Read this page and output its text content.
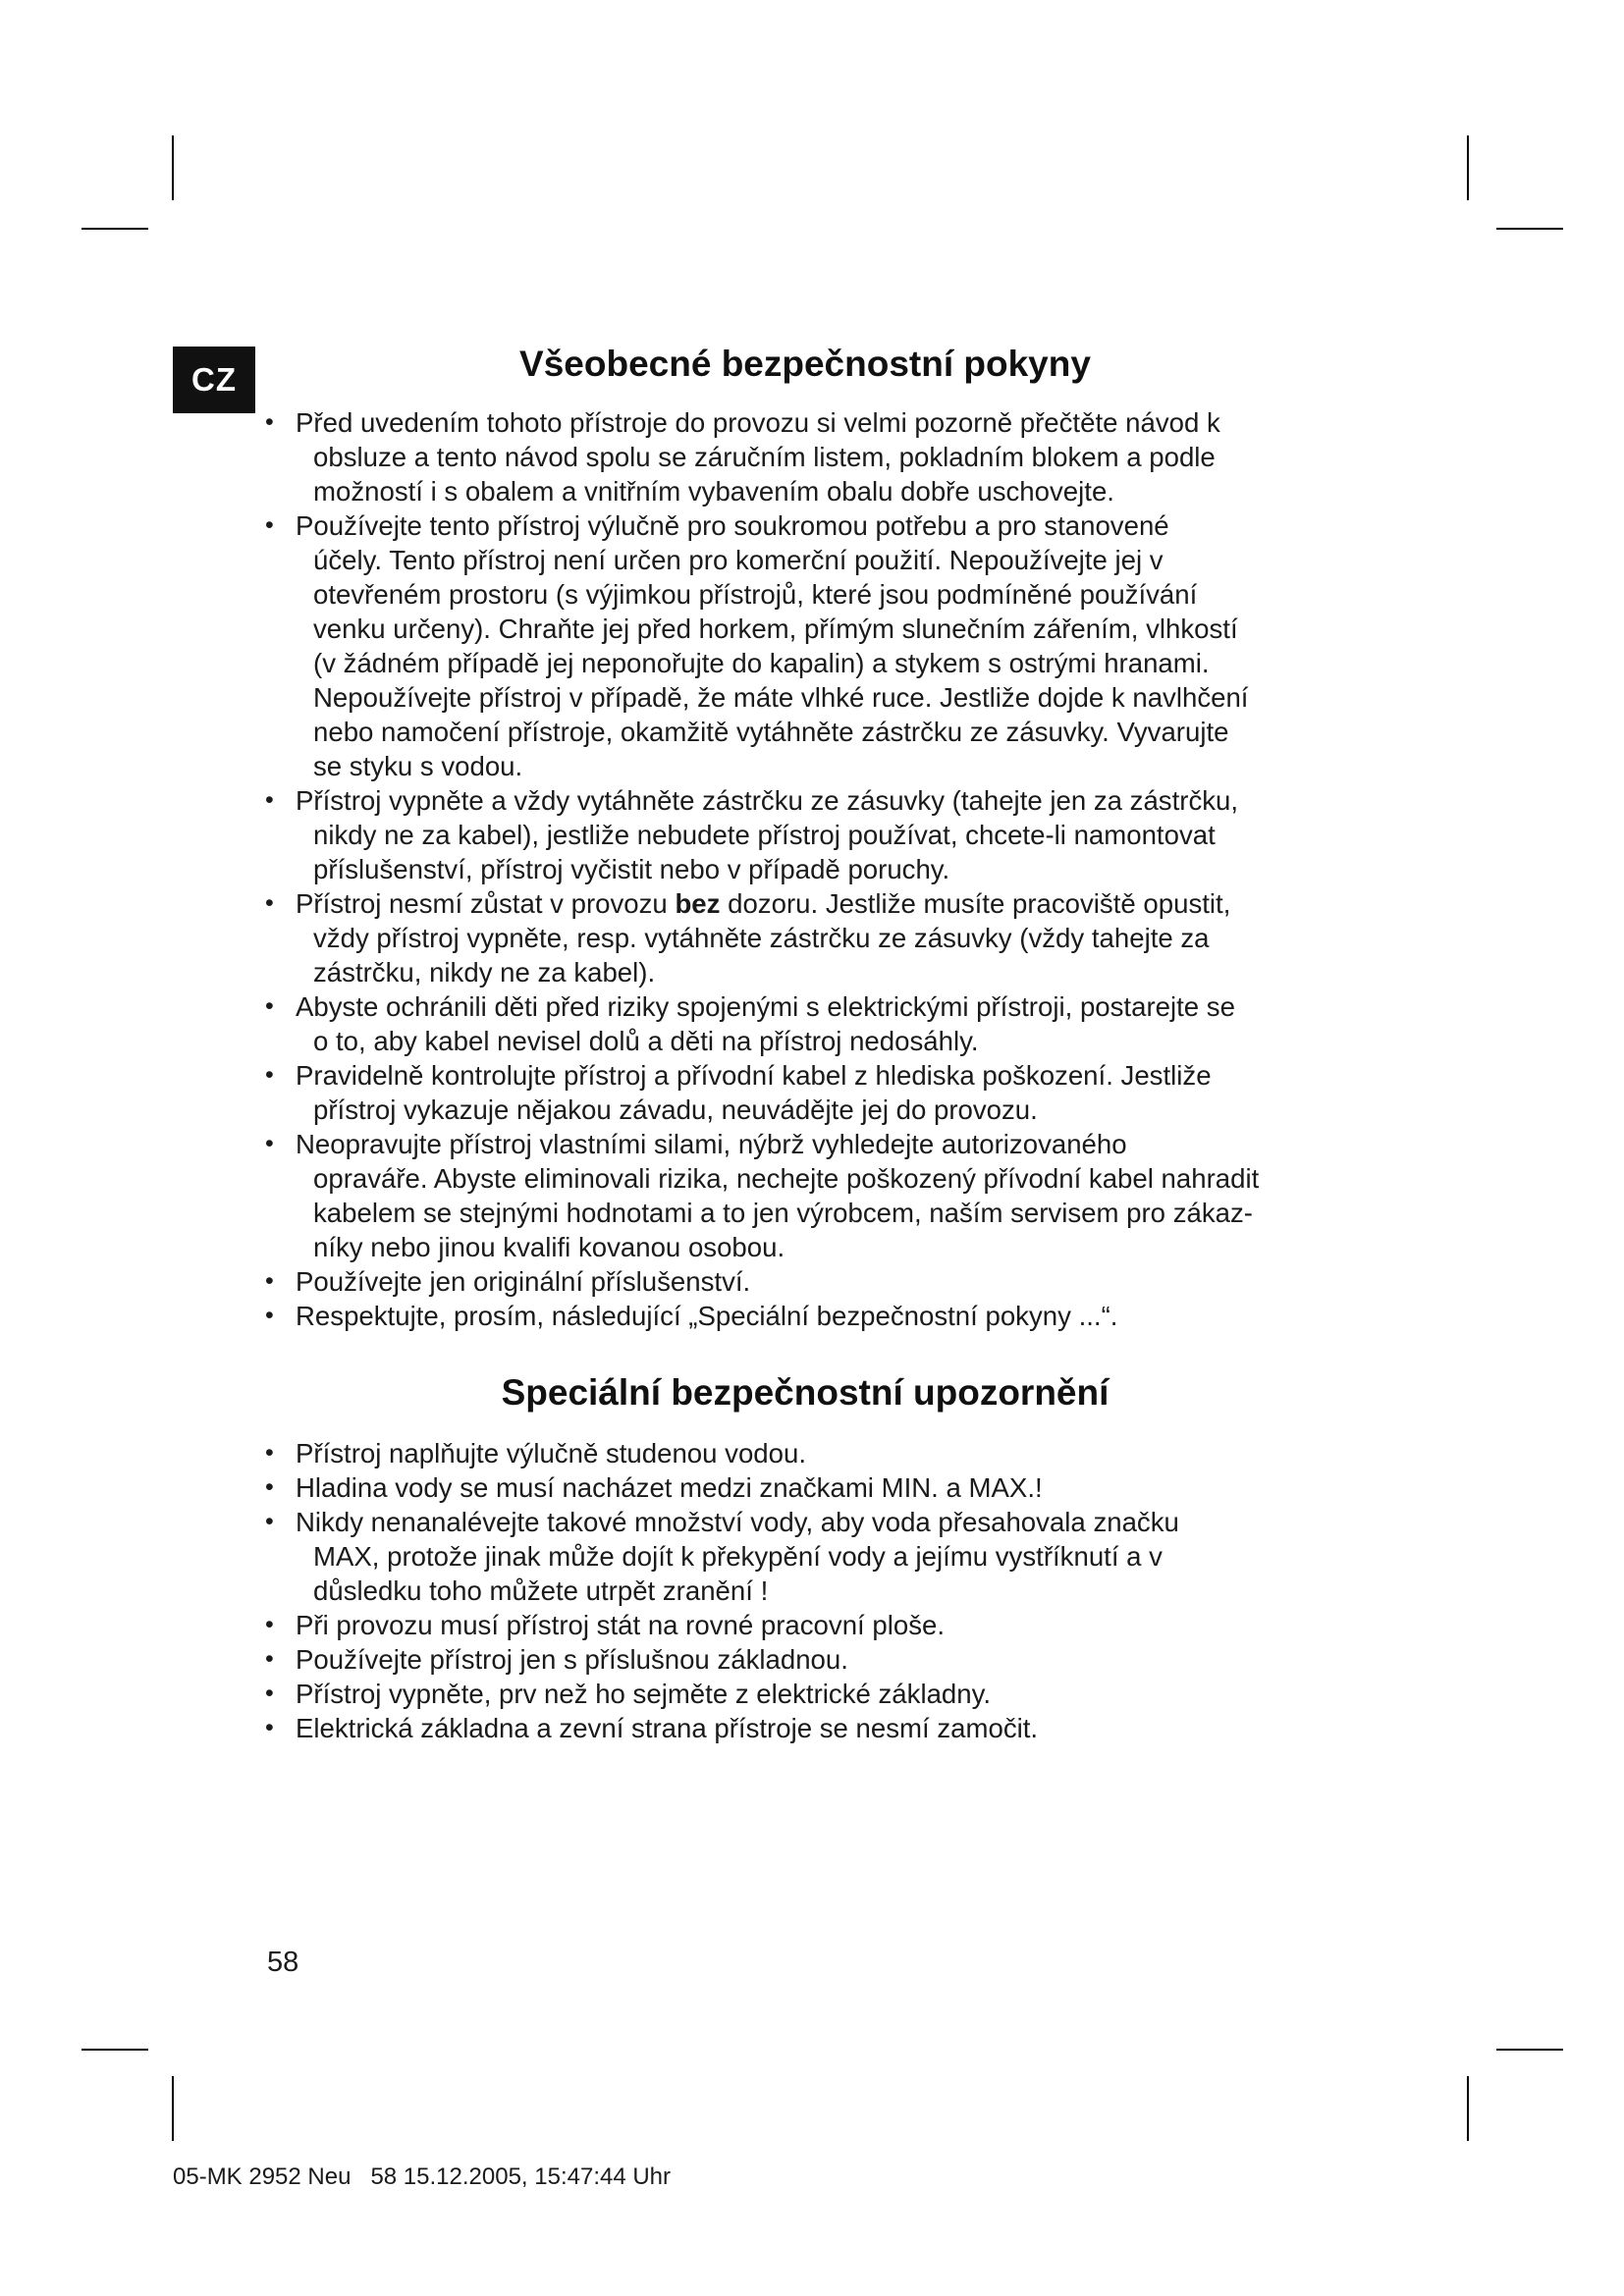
CZ	Všeobecné bezpečnostní pokyny
• Před uvedením tohoto přístroje do provozu si velmi pozorně přečtěte návod k
obsluze a tento návod spolu se záručním listem, pokladním blokem a podle
možností i s obalem a vnitřním vybavením obalu dobře uschovejte.
• Používejte tento přístroj výlučně pro soukromou potřebu a pro stanovené
účely. Tento přístroj není určen pro komerční použití. Nepoužívejte jej v
otevřeném prostoru (s výjimkou přístrojů, které jsou podmíněné používání
venku určeny). Chraňte jej před horkem, přímým slunečním zářením, vlhkostí
(v žádném případě jej neponořujte do kapalin) a stykem s ostrými hranami.
Nepoužívejte přístroj v případě, že máte vlhké ruce. Jestliže dojde k navlhčení
nebo namočení přístroje, okamžitě vytáhněte zástrčku ze zásuvky. Vyvarujte
se styku s vodou.
• Přístroj vypněte a vždy vytáhněte zástrčku ze zásuvky (tahejte jen za zástrčku,
nikdy ne za kabel), jestliže nebudete přístroj používat, chcete-li namontovat
příslušenství, přístroj vyčistit nebo v případě poruchy.
• Přístroj nesmí zůstat v provozu bez dozoru. Jestliže musíte pracoviště opustit,
vždy přístroj vypněte, resp. vytáhněte zástrčku ze zásuvky (vždy tahejte za
zástrčku, nikdy ne za kabel).
• Abyste ochránili děti před riziky spojenými s elektrickými přístroji, postarejte se
o to, aby kabel nevisel dolů a děti na přístroj nedosáhly.
• Pravidelně kontrolujte přístroj a přívodní kabel z hlediska poškození. Jestliže
přístroj vykazuje nějakou závadu, neuvádějte jej do provozu.
• Neopravujte přístroj vlastními silami, nýbrž vyhledejte autorizovaného
opraváře. Abyste eliminovali rizika, nechejte poškozený přívodní kabel nahradit
kabelem se stejnými hodnotami a to jen výrobcem, naším servisem pro zákaz-
níky nebo jinou kvalifi kovanou osobou.
• Používejte jen originální příslušenství.
• Respektujte, prosím, následující „Speciální bezpečnostní pokyny ...“.
Speciální bezpečnostní upozornění
• Přístroj naplňujte výlučně studenou vodou.
• Hladina vody se musí nacházet medzi značkami MIN. a MAX.!
• Nikdy nenanalévejte takové množství vody, aby voda přesahovala značku
MAX, protože jinak může dojít k překypění vody a jejímu vystříknutí a v
důsledku toho můžete utrpět zranění !
• Při provozu musí přístroj stát na rovné pracovní ploše.
• Používejte přístroj jen s příslušnou základnou.
• Přístroj vypněte, prv než ho sejměte z elektrické základny.
• Elektrická základna a zevní strana přístroje se nesmí zamočit.
58
05-MK 2952 Neu   58 15.12.2005, 15:47:44 Uhr
